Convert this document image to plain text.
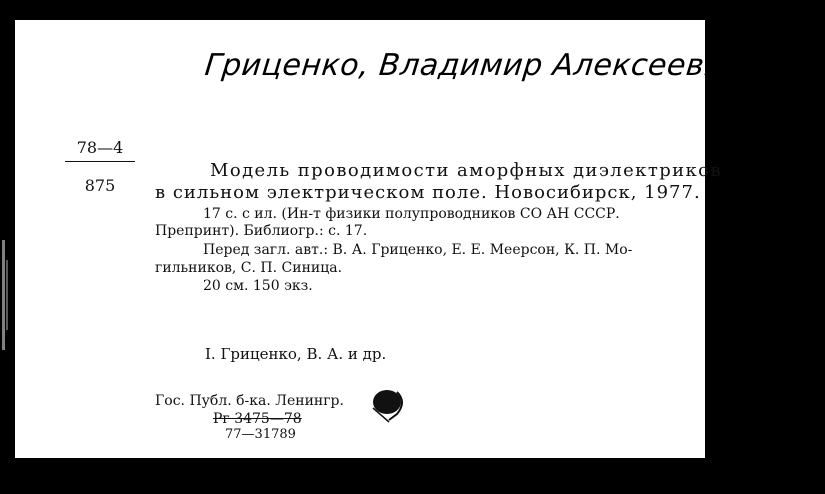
Гриценко, Владимир Алексеевич и др
78—4
875
Модель проводимости аморфных диэлектриков
в сильном электрическом поле. Новосибирск, 1977.
17 с. с ил. (Ин-т физики полупроводников СО АН СССР.
Препринт). Библиогр.: с. 17.
Перед загл. авт.: В. А. Гриценко, Е. Е. Меерсон, К. П. Мо-
гильников, С. П. Синица.
20 см. 150 экз.
I. Гриценко, В. А. и др.
Гос. Публ. б-ка. Ленингр.
Рг 3475—78
77—31789
